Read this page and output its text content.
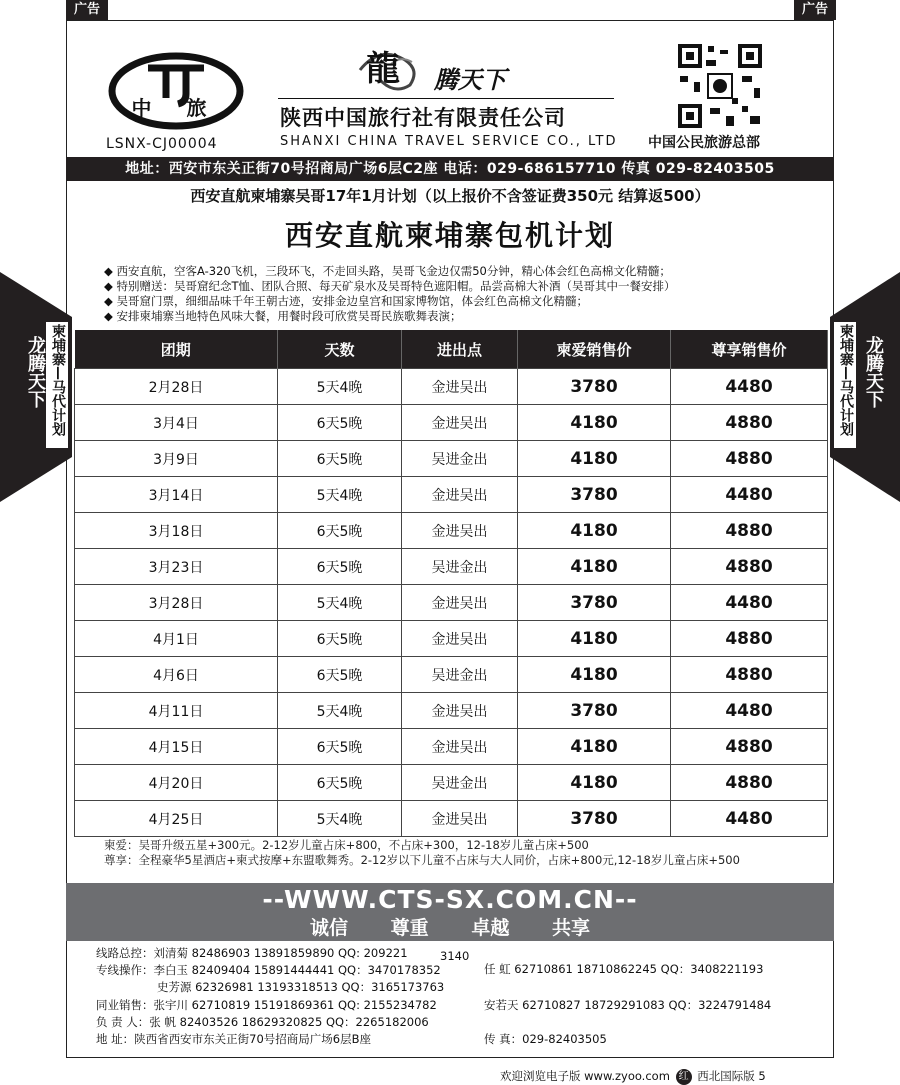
广告	广告
中 旅
LSNX-CJ00004
龍 腾天下
陕西中国旅行社有限责任公司
SHANXI CHINA TRAVEL SERVICE CO., LTD 中国公民旅游总部
地址：西安市东关正街70号招商局广场6层C2座 电话：029-686157710 传真 029-82403505
西安直航柬埔寨吴哥17年1月计划（以上报价不含签证费350元 结算返500）
西安直航柬埔寨包机计划
◆ 西安直航，空客A-320飞机，三段环飞，不走回头路，吴哥飞金边仅需50分钟，精心体会红色高棉文化精髓；
◆ 特别赠送：吴哥窟纪念T恤、团队合照、每天矿泉水及吴哥特色遮阳帽。品尝高棉大补酒（吴哥其中一餐安排）
◆ 吴哥窟门票，细细品味千年王朝古迹，安排金边皇宫和国家博物馆，体会红色高棉文化精髓；
◆ 安排柬埔寨当地特色风味大餐，用餐时段可欣赏吴哥民族歌舞表演；
柬埔寨—马代计划
龙腾天下	柬埔寨—马代计划 龙腾天下
团期	天数	进出点	柬爱销售价	尊享销售价
2月28日	5天4晚	金进吴出	3780	4480
3月4日	6天5晚	金进吴出	4180	4880
3月9日	6天5晚	吴进金出	4180	4880
3月14日	5天4晚	金进吴出	3780	4480
3月18日	6天5晚	金进吴出	4180	4880
3月23日	6天5晚	吴进金出	4180	4880
3月28日	5天4晚	金进吴出	3780	4480
4月1日	6天5晚	金进吴出	4180	4880
4月6日	6天5晚	吴进金出	4180	4880
4月11日	5天4晚	金进吴出	3780	4480
4月15日	6天5晚	金进吴出	4180	4880
4月20日	6天5晚	吴进金出	4180	4880
4月25日	5天4晚	金进吴出	3780	4480
柬爱：吴哥升级五星+300元。2-12岁儿童占床+800，不占床+300，12-18岁儿童占床+500
尊享：全程豪华5星酒店+柬式按摩+东盟歌舞秀。2-12岁以下儿童不占床与大人同价，占床+800元,12-18岁儿童占床+500
--WWW.CTS-SX.COM.CN--
诚信 尊重 卓越 共享
线路总控：刘清菊 82486903 13891859890 QQ: 209221	3140
专线操作：李白玉 82409404 15891444441 QQ：3470178352
史芳源 62326981 13193318513 QQ：3165173763
同业销售：张宇川 62710819 15191869361 QQ: 2155234782
负 责 人：张 帆 82403526 18629320825 QQ：2265182006
地 址：陕西省西安市东关正街70号招商局广场6层B座
任 虹 62710861 18710862245 QQ：3408221193
安若天 62710827 18729291083 QQ：3224791484
传 真：029-82403505
欢迎浏览电子版 www.zyoo.com 红 西北国际版 5
